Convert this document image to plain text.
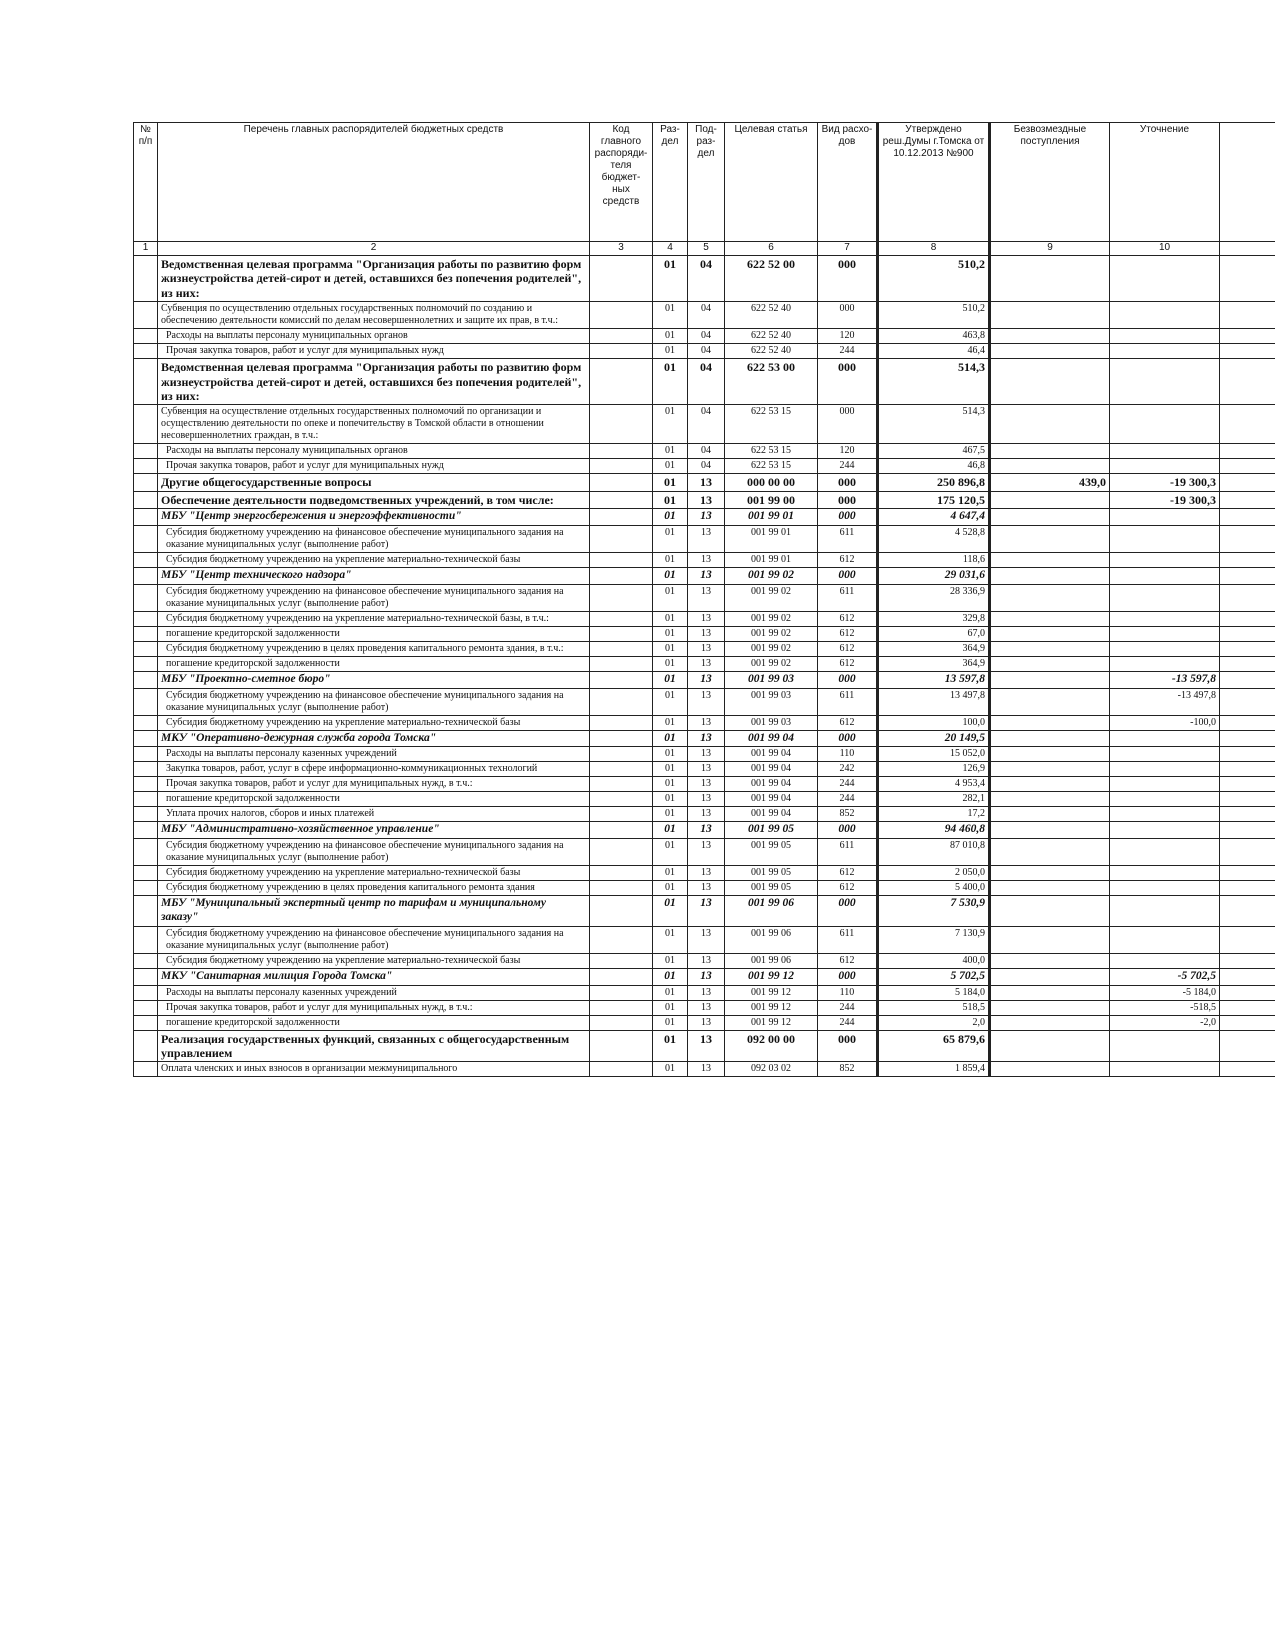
№ п/п	Перечень главных распорядителей бюджетных средств	Код главного распоряди-теля бюджет-ных средств	Раз-дел	Под-раз-дел	Целевая статья	Вид расхо-дов	Утверждено реш.Думы г.Томска от 10.12.2013 №900	Безвозмездные поступления	Уточнение	
1	2	3	4	5	6	7	8	9	10	
	Ведомственная целевая программа "Организация работы по развитию форм жизнеустройства детей-сирот и детей, оставшихся без попечения родителей", из них:		01	04	622 52 00	000	510,2			
	Субвенция по осуществлению отдельных государственных полномочий по созданию и обеспечению деятельности комиссий по делам несовершеннолетних и защите их прав, в т.ч.:		01	04	622 52 40	000	510,2			
	Расходы на выплаты персоналу муниципальных органов		01	04	622 52 40	120	463,8			
	Прочая закупка товаров, работ и услуг для муниципальных нужд		01	04	622 52 40	244	46,4			
	Ведомственная целевая программа "Организация работы по развитию форм жизнеустройства детей-сирот и детей, оставшихся без попечения родителей", из них:		01	04	622 53 00	000	514,3			
	Субвенция на осуществление отдельных государственных полномочий по организации и осуществлению деятельности по опеке и попечительству в Томской области в отношении несовершеннолетних граждан, в т.ч.:		01	04	622 53 15	000	514,3			
	Расходы на выплаты персоналу муниципальных органов		01	04	622 53 15	120	467,5			
	Прочая закупка товаров, работ и услуг для муниципальных нужд		01	04	622 53 15	244	46,8			
	Другие общегосударственные вопросы		01	13	000 00 00	000	250 896,8	439,0	-19 300,3	
	Обеспечение деятельности подведомственных учреждений, в том числе:		01	13	001 99 00	000	175 120,5		-19 300,3	
	МБУ "Центр энергосбережения и энергоэффективности"		01	13	001 99 01	000	4 647,4			
	Субсидия бюджетному учреждению на финансовое обеспечение муниципального задания на оказание муниципальных услуг (выполнение работ)		01	13	001 99 01	611	4 528,8			
	Субсидия бюджетному учреждению на укрепление материально-технической базы		01	13	001 99 01	612	118,6			
	МБУ "Центр технического надзора"		01	13	001 99 02	000	29 031,6			
	Субсидия бюджетному учреждению на финансовое обеспечение муниципального задания на оказание муниципальных услуг (выполнение работ)		01	13	001 99 02	611	28 336,9			
	Субсидия бюджетному учреждению на укрепление материально-технической базы, в т.ч.:		01	13	001 99 02	612	329,8			
	погашение кредиторской задолженности		01	13	001 99 02	612	67,0			
	Субсидия бюджетному учреждению в целях проведения капитального ремонта здания, в т.ч.:		01	13	001 99 02	612	364,9			
	погашение кредиторской задолженности		01	13	001 99 02	612	364,9			
	МБУ "Проектно-сметное бюро"		01	13	001 99 03	000	13 597,8		-13 597,8	
	Субсидия бюджетному учреждению на финансовое обеспечение муниципального задания на оказание муниципальных услуг (выполнение работ)		01	13	001 99 03	611	13 497,8		-13 497,8	
	Субсидия бюджетному учреждению на укрепление материально-технической базы		01	13	001 99 03	612	100,0		-100,0	
	МКУ "Оперативно-дежурная служба города Томска"		01	13	001 99 04	000	20 149,5			
	Расходы на выплаты персоналу казенных учреждений		01	13	001 99 04	110	15 052,0			
	Закупка товаров, работ, услуг в сфере информационно-коммуникационных технологий		01	13	001 99 04	242	126,9			
	Прочая закупка товаров, работ и услуг для муниципальных нужд, в т.ч.:		01	13	001 99 04	244	4 953,4			
	погашение кредиторской задолженности		01	13	001 99 04	244	282,1			
	Уплата прочих налогов, сборов и иных платежей		01	13	001 99 04	852	17,2			
	МБУ "Административно-хозяйственное управление"		01	13	001 99 05	000	94 460,8			
	Субсидия бюджетному учреждению на финансовое обеспечение муниципального задания на оказание муниципальных услуг (выполнение работ)		01	13	001 99 05	611	87 010,8			
	Субсидия бюджетному учреждению на укрепление материально-технической базы		01	13	001 99 05	612	2 050,0			
	Субсидия бюджетному учреждению в целях проведения капитального ремонта здания		01	13	001 99 05	612	5 400,0			
	МБУ "Муниципальный экспертный центр по тарифам и муниципальному заказу"		01	13	001 99 06	000	7 530,9			
	Субсидия бюджетному учреждению на финансовое обеспечение муниципального задания на оказание муниципальных услуг (выполнение работ)		01	13	001 99 06	611	7 130,9			
	Субсидия бюджетному учреждению на укрепление материально-технической базы		01	13	001 99 06	612	400,0			
	МКУ "Санитарная милиция Города Томска"		01	13	001 99 12	000	5 702,5		-5 702,5	
	Расходы на выплаты персоналу казенных учреждений		01	13	001 99 12	110	5 184,0		-5 184,0	
	Прочая закупка товаров, работ и услуг для муниципальных нужд, в т.ч.:		01	13	001 99 12	244	518,5		-518,5	
	погашение кредиторской задолженности		01	13	001 99 12	244	2,0		-2,0	
	Реализация государственных функций, связанных с общегосударственным управлением		01	13	092 00 00	000	65 879,6			
	Оплата членских и иных взносов в организации межмуниципального		01	13	092 03 02	852	1 859,4			
